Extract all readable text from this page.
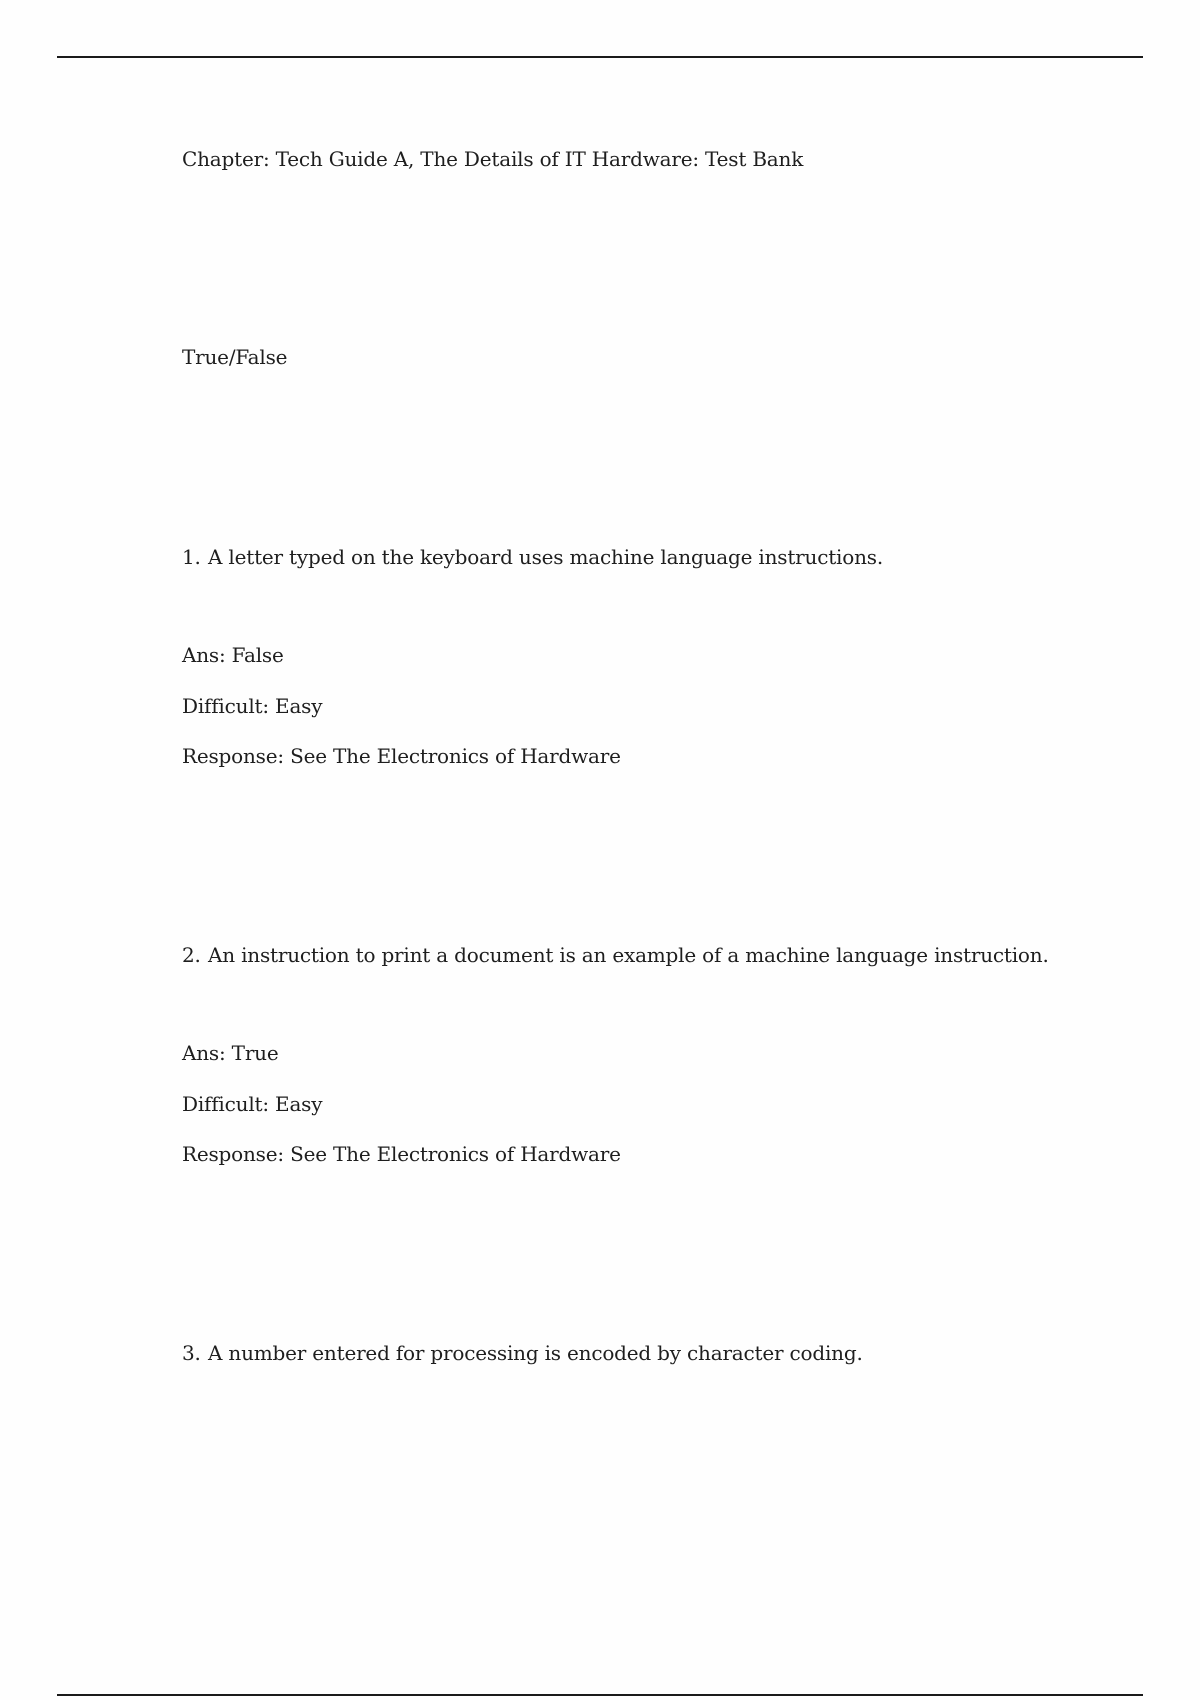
Chapter: Tech Guide A, The Details of IT Hardware: Test Bank
True/False
1. A letter typed on the keyboard uses machine language instructions.
Ans: False
Difficult: Easy
Response: See The Electronics of Hardware
2. An instruction to print a document is an example of a machine language instruction.
Ans: True
Difficult: Easy
Response: See The Electronics of Hardware
3. A number entered for processing is encoded by character coding.
